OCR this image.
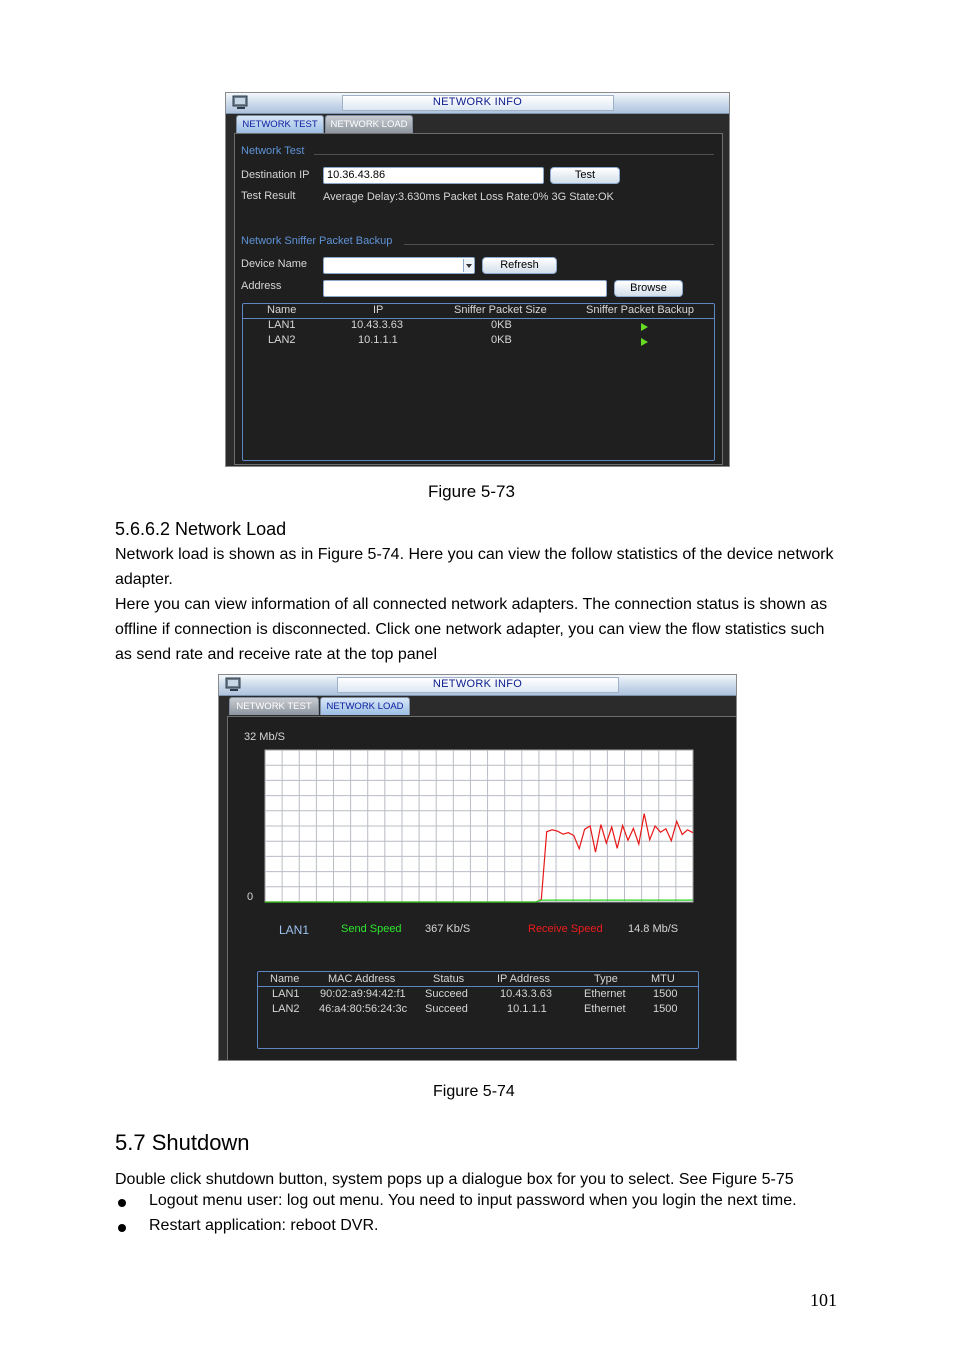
NETWORK INFO
NETWORK TEST	NETWORK LOAD
Network Test
Destination IP	10.36.43.86	Test
Test Result	Average Delay:3.630ms Packet Loss Rate:0% 3G State:OK
Network Sniffer Packet Backup
Device Name	Refresh
Address	Browse
Name	IP	Sniffer Packet Size	Sniffer Packet Backup
LAN1	10.43.3.63	0KB
LAN2	10.1.1.1	0KB
Figure 5-73
5.6.6.2 Network Load
Network load is shown as in Figure 5-74. Here you can view the follow statistics of the device network adapter.
Here you can view information of all connected network adapters. The connection status is shown as offline if connection is disconnected. Click one network adapter, you can view the flow statistics such as send rate and receive rate at the top panel
NETWORK INFO
NETWORK TEST	NETWORK LOAD
32 Mb/S
0
LAN1	Send Speed 367 Kb/S	Receive Speed 14.8 Mb/S
Name	MAC Address	Status	IP Address	Type	MTU
LAN1 90:02:a9:94:42:f1 Succeed	10.43.3.63	Ethernet 1500
LAN2 46:a4:80:56:24:3c Succeed	10.1.1.1	Ethernet 1500
Figure 5-74
5.7 Shutdown
Double click shutdown button, system pops up a dialogue box for you to select. See Figure 5-75
Logout menu user: log out menu. You need to input password when you login the next time.
Restart application: reboot DVR.
101
